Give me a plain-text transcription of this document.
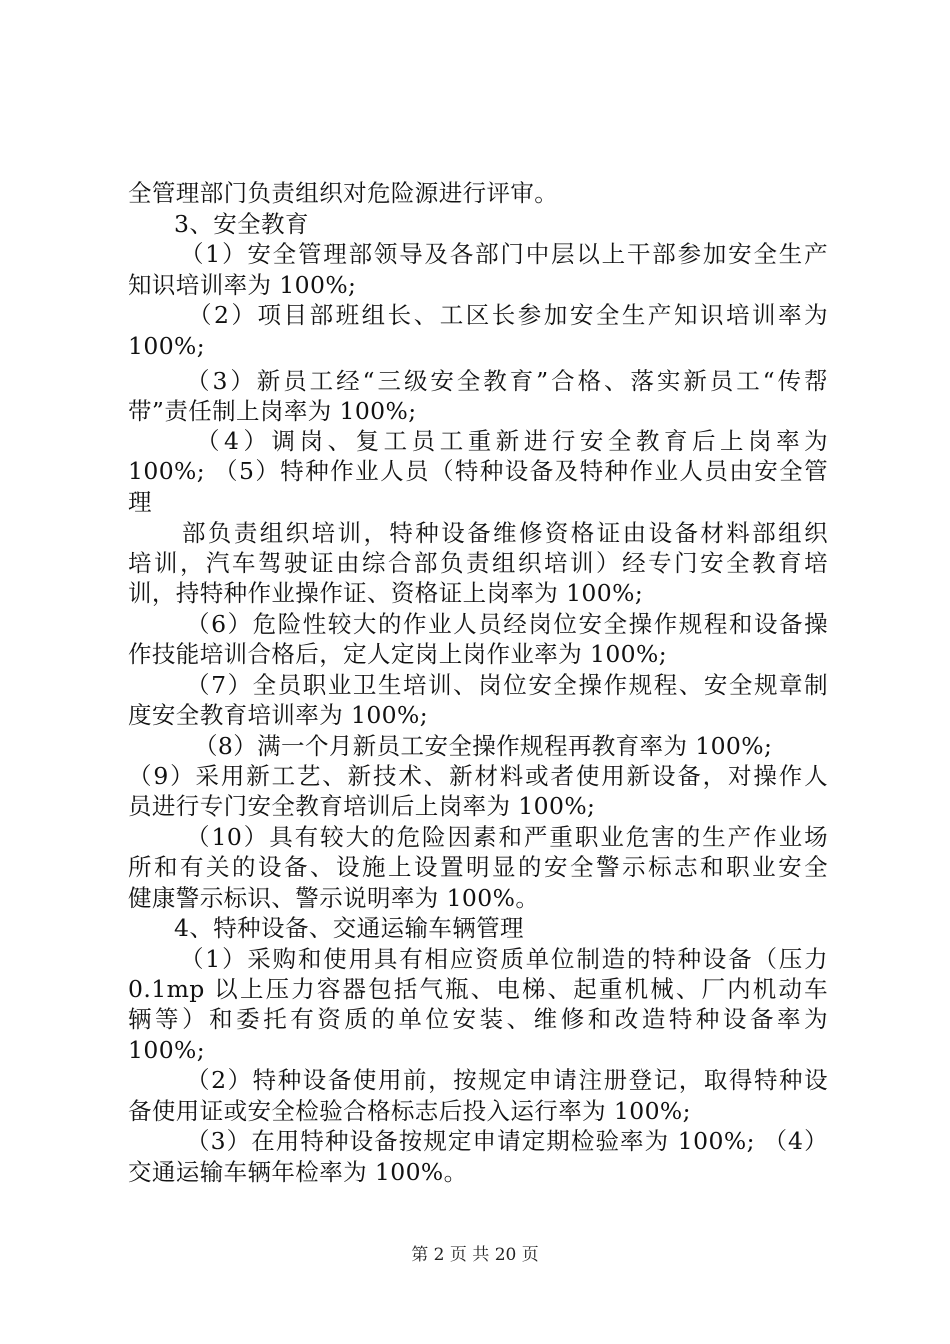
全管理部门负责组织对危险源进行评审。
3、安全教育
（1）安全管理部领导及各部门中层以上干部参加安全生产
知识培训率为 100%;
（2）项目部班组长、工区长参加安全生产知识培训率为
100%;
（3）新员工经“三级安全教育”合格、落实新员工“传帮
带”责任制上岗率为 100%;
（4）调岗、复工员工重新进行安全教育后上岗率为
100%; （5）特种作业人员（特种设备及特种作业人员由安全管
理
部负责组织培训，特种设备维修资格证由设备材料部组织
培训，汽车驾驶证由综合部负责组织培训）经专门安全教育培
训，持特种作业操作证、资格证上岗率为 100%;
（6）危险性较大的作业人员经岗位安全操作规程和设备操
作技能培训合格后，定人定岗上岗作业率为 100%;
（7）全员职业卫生培训、岗位安全操作规程、安全规章制
度安全教育培训率为 100%;
（8）满一个月新员工安全操作规程再教育率为 100%;
（9）采用新工艺、新技术、新材料或者使用新设备，对操作人
员进行专门安全教育培训后上岗率为 100%;
（10）具有较大的危险因素和严重职业危害的生产作业场
所和有关的设备、设施上设置明显的安全警示标志和职业安全
健康警示标识、警示说明率为 100%。
4、特种设备、交通运输车辆管理
（1）采购和使用具有相应资质单位制造的特种设备（压力
0.1mp 以上压力容器包括气瓶、电梯、起重机械、厂内机动车
辆等）和委托有资质的单位安装、维修和改造特种设备率为
100%;
（2）特种设备使用前，按规定申请注册登记，取得特种设
备使用证或安全检验合格标志后投入运行率为 100%;
（3）在用特种设备按规定申请定期检验率为 100%; （4）
交通运输车辆年检率为 100%。
第 2 页 共 20 页
